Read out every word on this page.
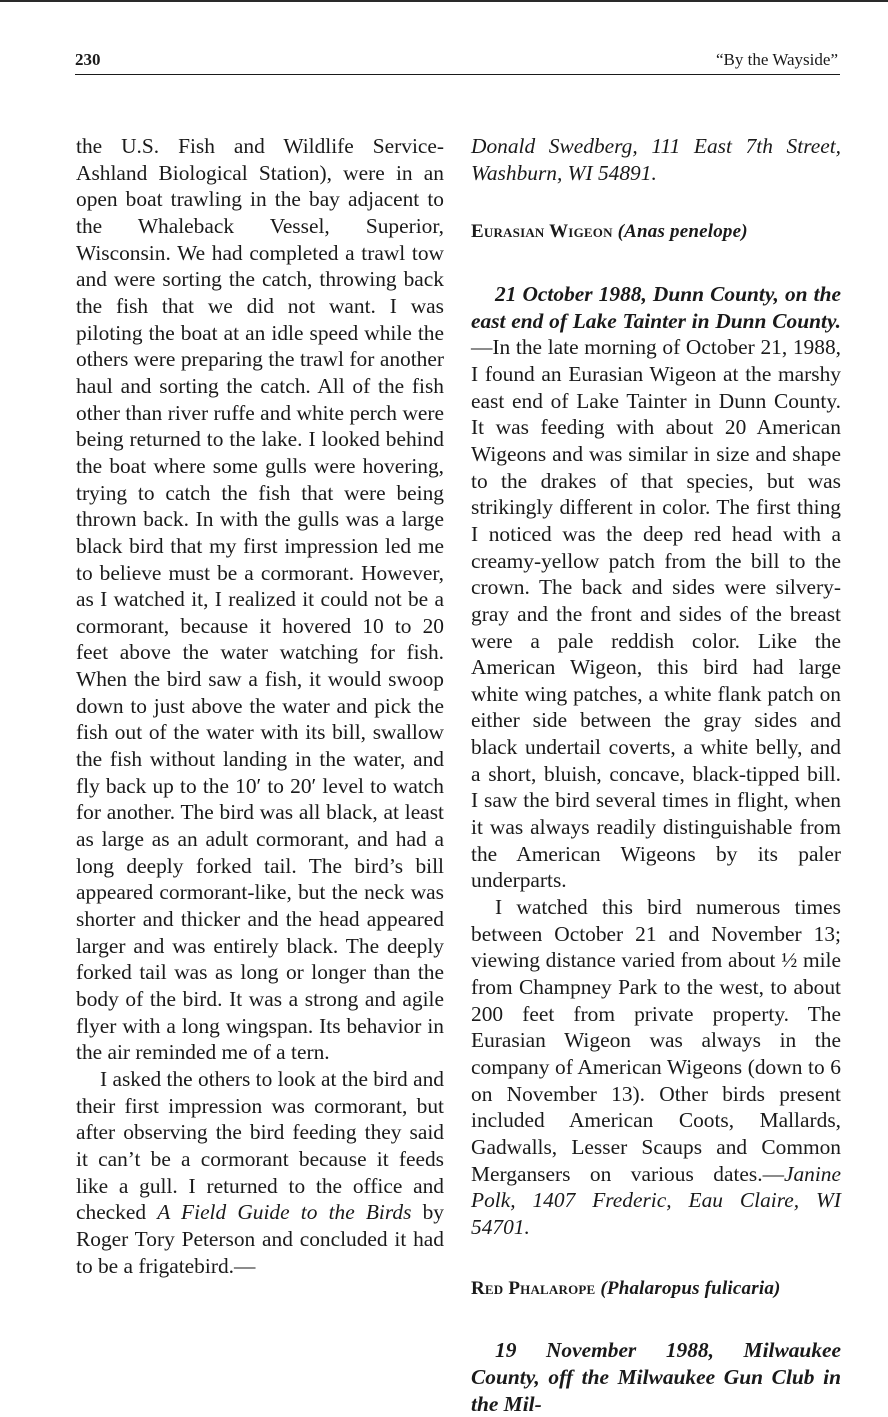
230	“By the Wayside”

the U.S. Fish and Wildlife Service-Ashland Biological Station), were in an open boat trawling in the bay adjacent to the Whaleback Vessel, Superior, Wisconsin. We had completed a trawl tow and were sorting the catch, throwing back the fish that we did not want. I was piloting the boat at an idle speed while the others were preparing the trawl for another haul and sorting the catch. All of the fish other than river ruffe and white perch were being returned to the lake. I looked behind the boat where some gulls were hovering, trying to catch the fish that were being thrown back. In with the gulls was a large black bird that my first impression led me to believe must be a cormorant. However, as I watched it, I realized it could not be a cormorant, because it hovered 10 to 20 feet above the water watching for fish. When the bird saw a fish, it would swoop down to just above the water and pick the fish out of the water with its bill, swallow the fish without landing in the water, and fly back up to the 10′ to 20′ level to watch for another. The bird was all black, at least as large as an adult cormorant, and had a long deeply forked tail. The bird’s bill appeared cormorant-like, but the neck was shorter and thicker and the head appeared larger and was entirely black. The deeply forked tail was as long or longer than the body of the bird. It was a strong and agile flyer with a long wingspan. Its behavior in the air reminded me of a tern.

I asked the others to look at the bird and their first impression was cormorant, but after observing the bird feeding they said it can’t be a cormorant because it feeds like a gull. I returned to the office and checked A Field Guide to the Birds by Roger Tory Peterson and concluded it had to be a frigatebird.—

Donald Swedberg, 111 East 7th Street, Washburn, WI 54891.

Eurasian Wigeon (Anas penelope)

21 October 1988, Dunn County, on the east end of Lake Tainter in Dunn County.—In the late morning of October 21, 1988, I found an Eurasian Wigeon at the marshy east end of Lake Tainter in Dunn County. It was feeding with about 20 American Wigeons and was similar in size and shape to the drakes of that species, but was strikingly different in color. The first thing I noticed was the deep red head with a creamy-yellow patch from the bill to the crown. The back and sides were silvery-gray and the front and sides of the breast were a pale reddish color. Like the American Wigeon, this bird had large white wing patches, a white flank patch on either side between the gray sides and black undertail coverts, a white belly, and a short, bluish, concave, black-tipped bill. I saw the bird several times in flight, when it was always readily distinguishable from the American Wigeons by its paler underparts.

I watched this bird numerous times between October 21 and November 13; viewing distance varied from about ½ mile from Champney Park to the west, to about 200 feet from private property. The Eurasian Wigeon was always in the company of American Wigeons (down to 6 on November 13). Other birds present included American Coots, Mallards, Gadwalls, Lesser Scaups and Common Mergansers on various dates.—Janine Polk, 1407 Frederic, Eau Claire, WI 54701.

Red Phalarope (Phalaropus fulicaria)

19 November 1988, Milwaukee County, off the Milwaukee Gun Club in the Mil-
